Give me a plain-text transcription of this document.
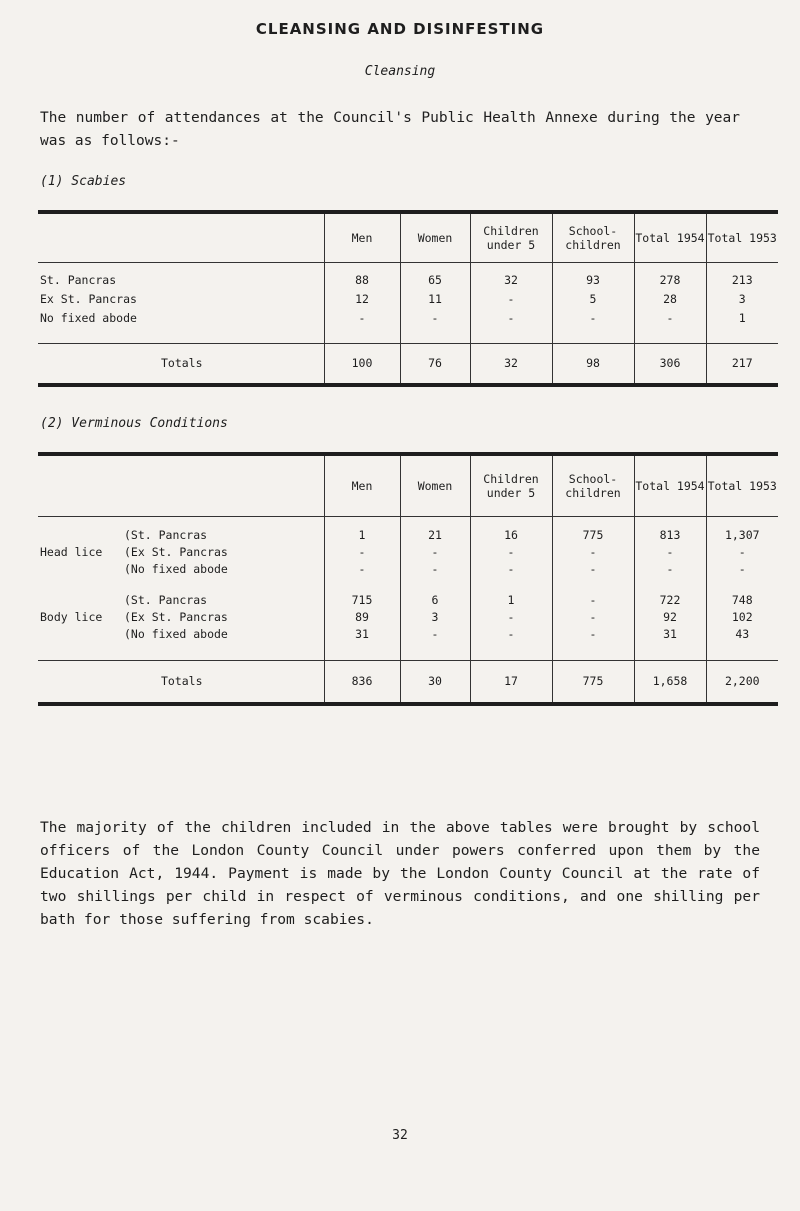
CLEANSING AND DISINFESTING
Cleansing
The number of attendances at the Council's Public Health Annexe during the year was as follows:-
(1) Scabies
	Men	Women	Children under 5	School-children	Total 1954	Total 1953

St. Pancras	88	65	32	93	278	213
Ex St. Pancras	12	11	-	5	28	3
No fixed abode	-	-	-	-	-	1

Totals	100	76	32	98	306	217
(2) Verminous Conditions
	Men	Women	Children under 5	School-children	Total 1954	Total 1953

(St. Pancras	1	21	16	775	813	1,307
Head lice (Ex St. Pancras	-	-	-	-	-	-
(No fixed abode	-	-	-	-	-	-

(St. Pancras	715	6	1	-	722	748
Body lice (Ex St. Pancras	89	3	-	-	92	102
(No fixed abode	31	-	-	-	31	43

Totals	836	30	17	775	1,658	2,200
The majority of the children included in the above tables were brought by school officers of the London County Council under powers conferred upon them by the Education Act, 1944. Payment is made by the London County Council at the rate of two shillings per child in respect of verminous conditions, and one shilling per bath for those suffering from scabies.
32
